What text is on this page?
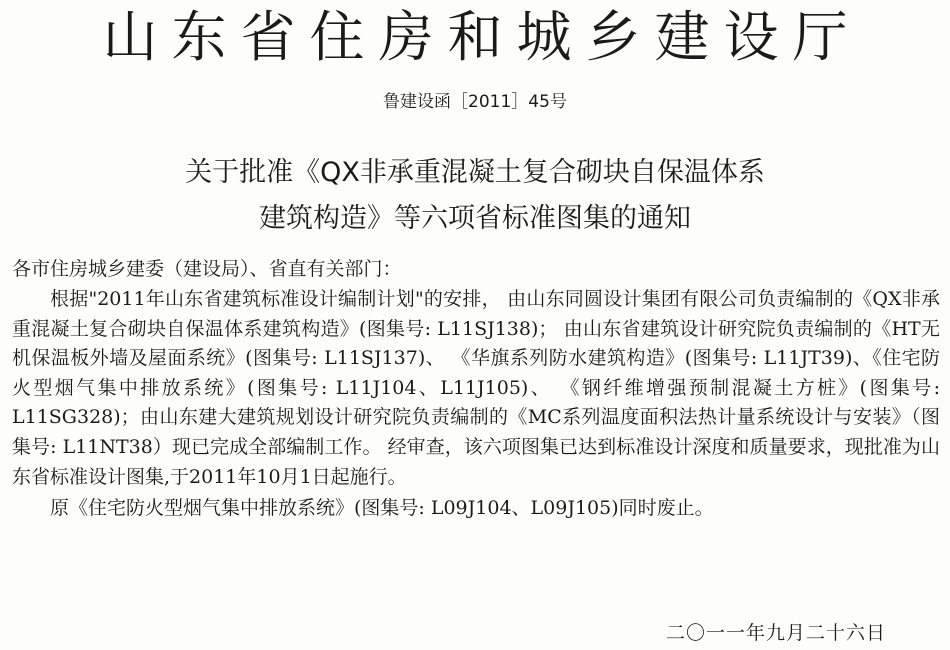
山东省住房和城乡建设厅
鲁建设函［2011］45号
关于批准《QX非承重混凝土复合砌块自保温体系
建筑构造》等六项省标准图集的通知
各市住房城乡建委（建设局）、省直有关部门：

根据"2011年山东省建筑标准设计编制计划"的安排， 由山东同圆设计集团有限公司负责编制的《QX非承重混凝土复合砌块自保温体系建筑构造》(图集号: L11SJ138)； 由山东省建筑设计研究院负责编制的《HT无机保温板外墙及屋面系统》(图集号: L11SJ137)、 《华旗系列防水建筑构造》(图集号: L11JT39)、《住宅防火型烟气集中排放系统》(图集号: L11J104、L11J105)、 《钢纤维增强预制混凝土方桩》(图集号: L11SG328)；由山东建大建筑规划设计研究院负责编制的《MC系列温度面积法热计量系统设计与安装》（图集号: L11NT38）现已完成全部编制工作。 经审查，该六项图集已达到标准设计深度和质量要求，现批准为山东省标准设计图集,于2011年10月1日起施行。

原《住宅防火型烟气集中排放系统》(图集号: L09J104、L09J105)同时废止。

二〇一一年九月二十六日
